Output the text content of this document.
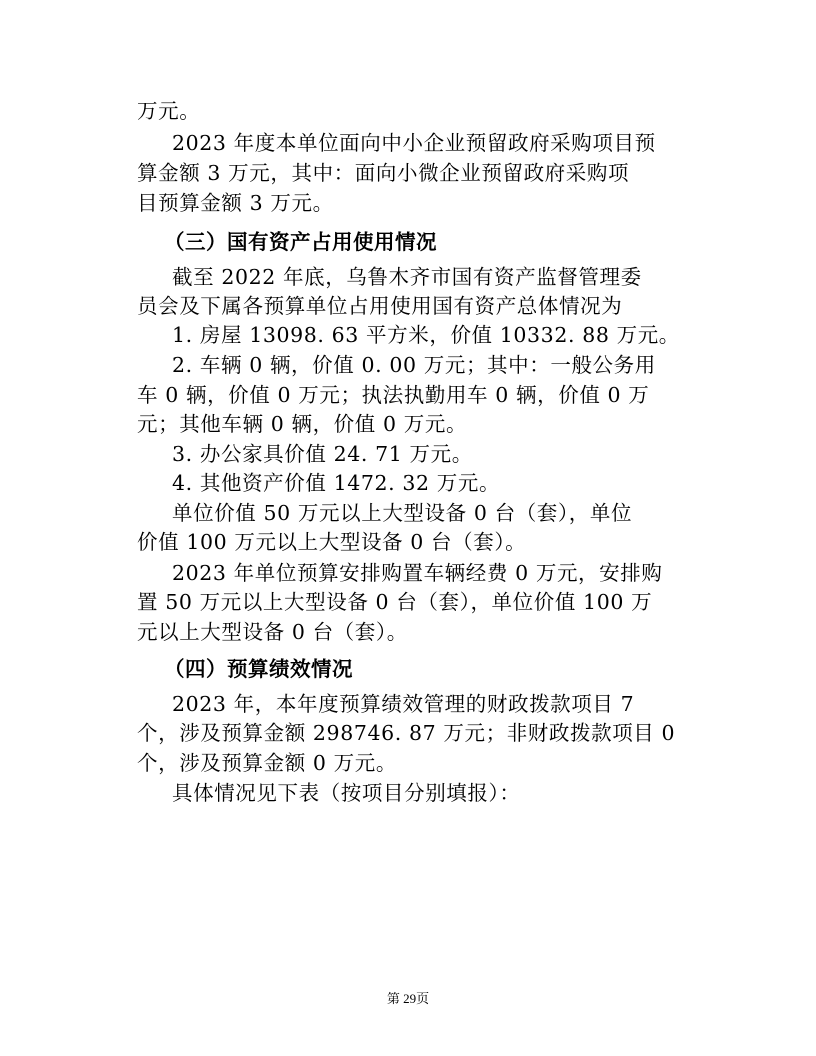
万元。
2023 年度本单位面向中小企业预留政府采购项目预
算金额 3 万元，其中：面向小微企业预留政府采购项
目预算金额 3 万元。
（三）国有资产占用使用情况
截至 2022 年底，乌鲁木齐市国有资产监督管理委
员会及下属各预算单位占用使用国有资产总体情况为
1. 房屋 13098. 63 平方米，价值 10332. 88 万元。
2. 车辆 0 辆，价值 0. 00 万元；其中：一般公务用
车 0 辆，价值 0 万元；执法执勤用车 0 辆，价值 0 万
元；其他车辆 0 辆，价值 0 万元。
3. 办公家具价值 24. 71 万元。
4. 其他资产价值 1472. 32 万元。
单位价值 50 万元以上大型设备 0 台（套），单位
价值 100 万元以上大型设备 0 台（套）。
2023 年单位预算安排购置车辆经费 0 万元，安排购
置 50 万元以上大型设备 0 台（套），单位价值 100 万
元以上大型设备 0 台（套）。
（四）预算绩效情况
2023 年，本年度预算绩效管理的财政拨款项目 7
个，涉及预算金额 298746. 87 万元；非财政拨款项目 0
个，涉及预算金额 0 万元。
具体情况见下表（按项目分别填报）：
第 29页
